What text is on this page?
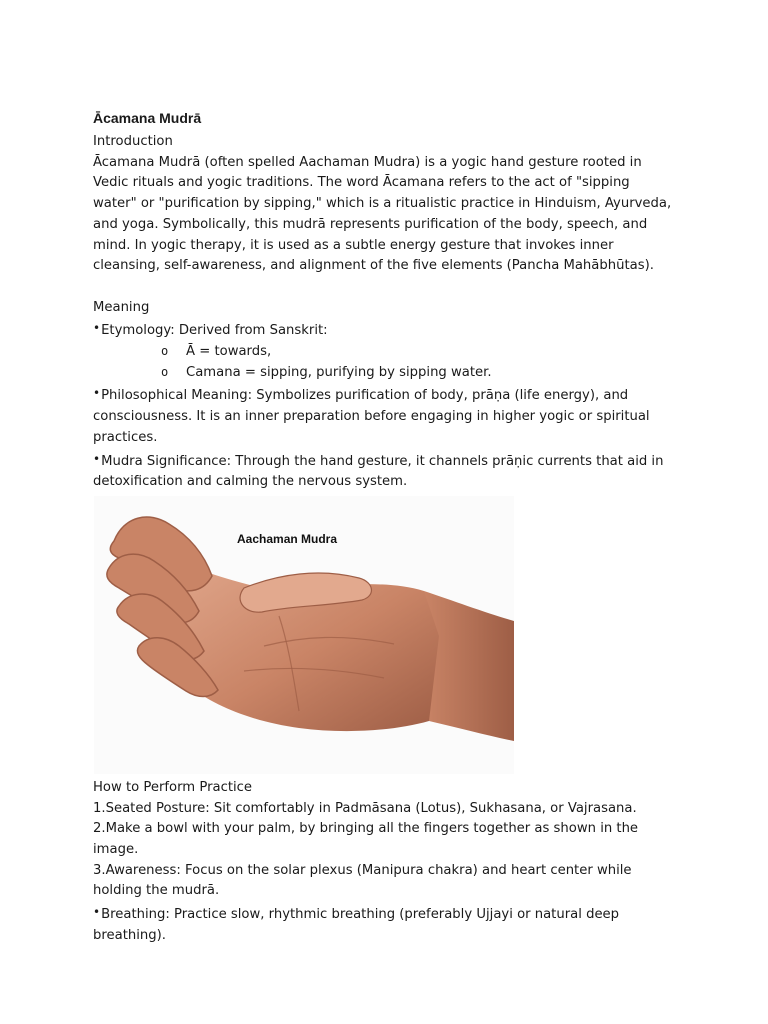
Ācamana Mudrā

Introduction

Ācamana Mudrā (often spelled Aachaman Mudra) is a yogic hand gesture rooted in Vedic rituals and yogic traditions. The word Ācamana refers to the act of "sipping water" or "purification by sipping," which is a ritualistic practice in Hinduism, Ayurveda, and yoga. Symbolically, this mudrā represents purification of the body, speech, and mind. In yogic therapy, it is used as a subtle energy gesture that invokes inner cleansing, self-awareness, and alignment of the five elements (Pancha Mahābhūtas).

Meaning

•Etymology: Derived from Sanskrit:

o Ā = towards,
o Camana = sipping, purifying by sipping water.

•Philosophical Meaning: Symbolizes purification of body, prāṇa (life energy), and consciousness. It is an inner preparation before engaging in higher yogic or spiritual practices.

•Mudra Significance: Through the hand gesture, it channels prāṇic currents that aid in detoxification and calming the nervous system.

Aachaman Mudra

How to Perform Practice

1.Seated Posture: Sit comfortably in Padmāsana (Lotus), Sukhasana, or Vajrasana.

2.Make a bowl with your palm, by bringing all the fingers together as shown in the image.

3.Awareness: Focus on the solar plexus (Manipura chakra) and heart center while holding the mudrā.

•Breathing: Practice slow, rhythmic breathing (preferably Ujjayi or natural deep breathing).
